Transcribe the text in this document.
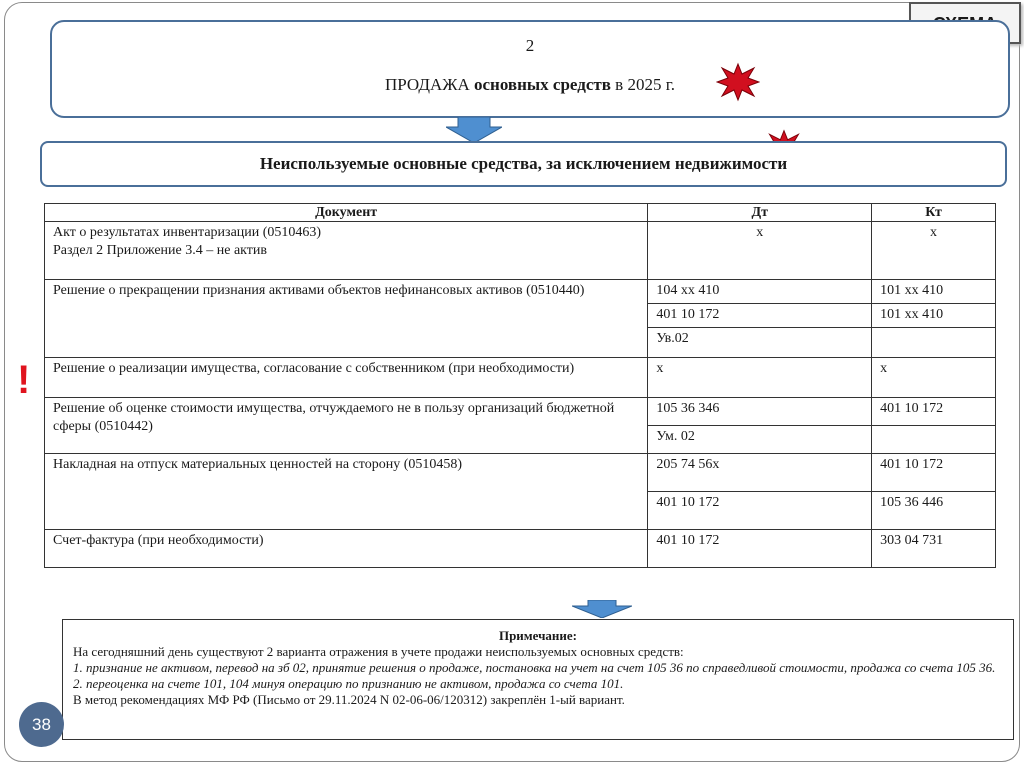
2
ПРОДАЖА основных средств в 2025 г.
Неиспользуемые основные средства, за исключением недвижимости
!
Документ	Дт	Кт

Акт о результатах инвентаризации (0510463)
Раздел 2 Приложение 3.4 – не актив	x	x
Решение о прекращении признания активами объектов нефинансовых активов (0510440)	104 хх 410	101 хх 410
	401 10 172	101 хх 410
	Ув.02	
Решение о реализации имущества, согласование с собственником (при необходимости)	x	x
Решение об оценке стоимости имущества, отчуждаемого не в пользу организаций бюджетной сферы (0510442)	105 36 346	401 10 172
	Ум. 02	
Накладная на отпуск материальных ценностей на сторону (0510458)	205 74 56х	401 10 172
	401 10 172	105 36 446
Счет-фактура (при необходимости)	401 10 172	303 04 731
Примечание:
На сегодняшний день существуют 2 варианта отражения в учете продажи неиспользуемых основных средств:
1. признание не активом, перевод на зб 02, принятие решения о продаже, постановка на учет на счет 105 36 по справедливой стоимости, продажа со счета 105 36.
2. переоценка на счете 101, 104 минуя операцию по признанию не активом, продажа со счета 101.
В метод рекомендациях МФ РФ (Письмо от 29.11.2024 N 02-06-06/120312) закреплён 1-ый вариант.
38
